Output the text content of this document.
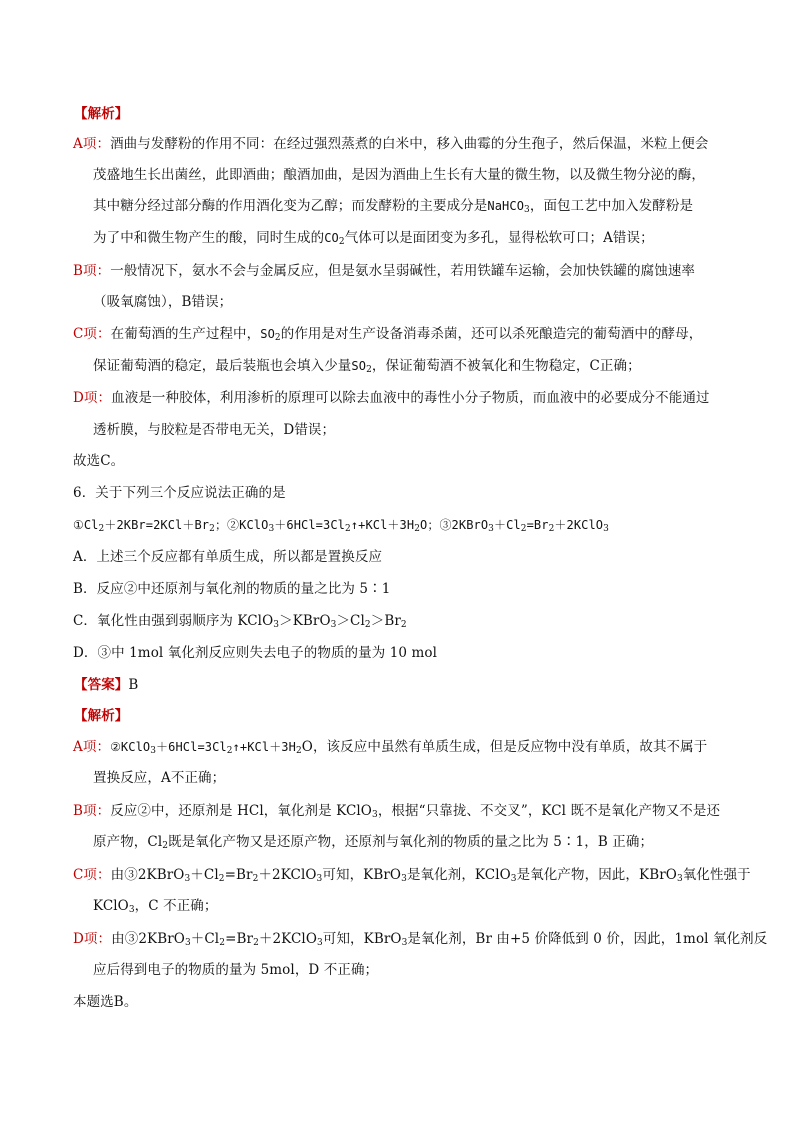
【解析】
A项：酒曲与发酵粉的作用不同：在经过强烈蒸煮的白米中，移入曲霉的分生孢子，然后保温，米粒上便会
茂盛地生长出菌丝，此即酒曲；酿酒加曲，是因为酒曲上生长有大量的微生物，以及微生物分泌的酶，
其中糖分经过部分酶的作用酒化变为乙醇；而发酵粉的主要成分是NaHCO$_3$，面包工艺中加入发酵粉是
为了中和微生物产生的酸，同时生成的$CO_2$气体可以是面团变为多孔，显得松软可口；A错误；
B项：一般情况下，氨水不会与金属反应，但是氨水呈弱碱性，若用铁罐车运输，会加快铁罐的腐蚀速率
（吸氧腐蚀），B错误；
C项：在葡萄酒的生产过程中，$SO_2$的作用是对生产设备消毒杀菌，还可以杀死酿造完的葡萄酒中的酵母，
保证葡萄酒的稳定，最后装瓶也会填入少量$SO_2$，保证葡萄酒不被氧化和生物稳定，C正确；
D项：血液是一种胶体，利用渗析的原理可以除去血液中的毒性小分子物质，而血液中的必要成分不能通过
透析膜，与胶粒是否带电无关，D错误；
故选C。
6．关于下列三个反应说法正确的是
$①Cl_2+2KBr=2KCl+Br_2$；$②KClO_3+6HCl=3Cl_2↑+KCl+3H_2O$；$③2KBrO_3+Cl_2=Br_2+2KClO_3$
A．上述三个反应都有单质生成，所以都是置换反应
B．反应②中还原剂与氧化剂的物质的量之比为 5∶1
C．氧化性由强到弱顺序为 $KClO_3>KBrO_3>Cl_2>Br_2$
D．③中 1mol 氧化剂反应则失去电子的物质的量为 10 mol
【答案】B
【解析】
A项：$②KClO_3+6HCl=3Cl_2↑+KCl+3H_2O$，该反应中虽然有单质生成，但是反应物中没有单质，故其不属于
置换反应，A不正确；
B项：反应②中，还原剂是 HCl，氧化剂是 KClO$_3$，根据“只靠拢、不交叉”，KCl 既不是氧化产物又不是还
原产物，$Cl_2$既是氧化产物又是还原产物，还原剂与氧化剂的物质的量之比为 5∶1，B 正确；
C项：由$③2KBrO_3+Cl_2=Br_2+2KClO_3$可知，KBrO$_3$是氧化剂，KClO$_3$是氧化产物，因此，KBrO$_3$氧化性强于
KClO$_3$，C 不正确；
D项：由$③2KBrO_3+Cl_2=Br_2+2KClO_3$可知，KBrO$_3$是氧化剂，Br 由+5 价降低到 0 价，因此，1mol 氧化剂反
应后得到电子的物质的量为 5mol，D 不正确；
本题选B。
